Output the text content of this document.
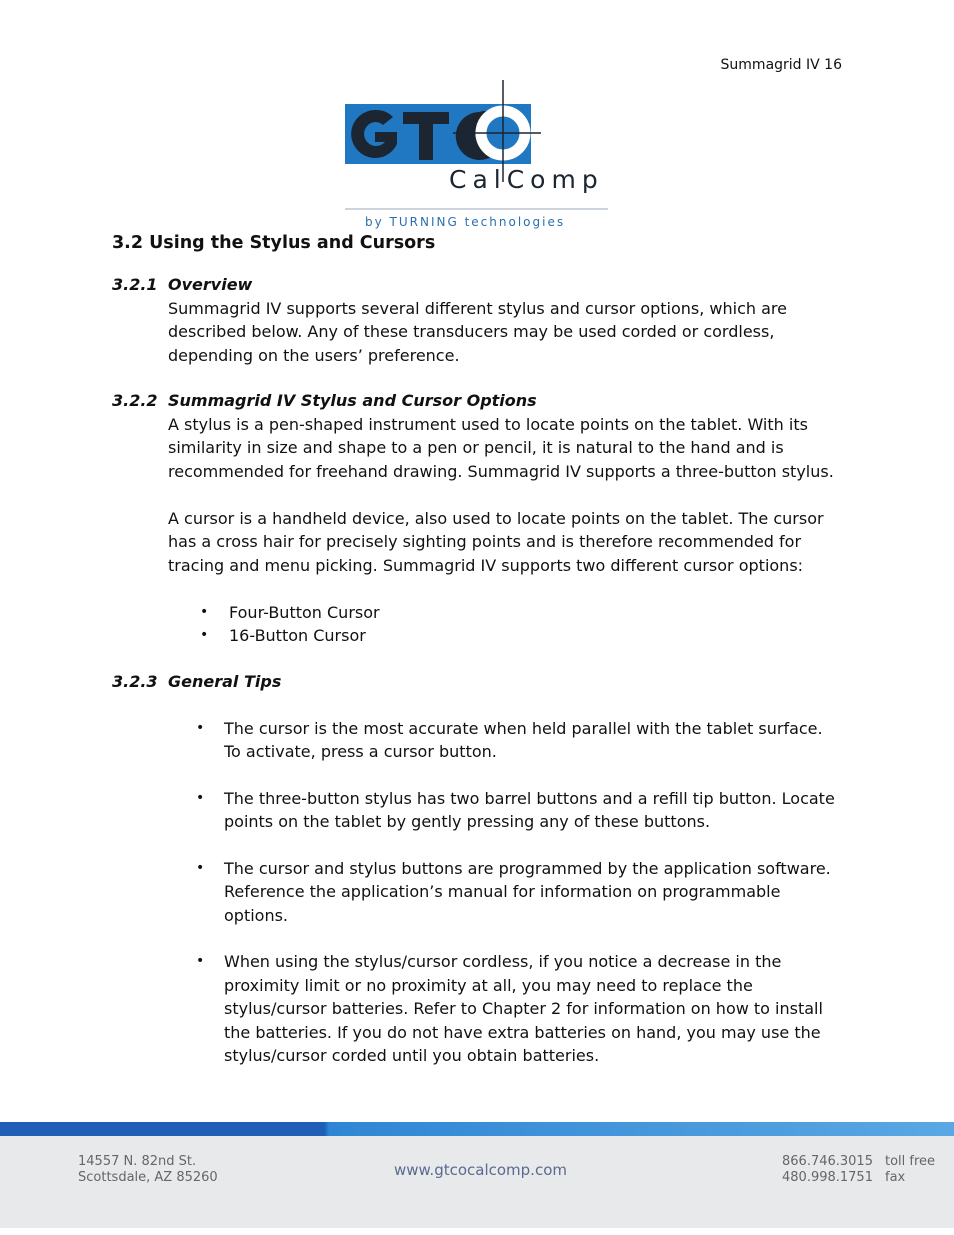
Summagrid IV 16
CalComp
by TURNING technologies
3.2 Using the Stylus and Cursors
3.2.1 Overview

Summagrid IV supports several different stylus and cursor options, which are described below. Any of these transducers may be used corded or cordless, depending on the users’ preference.

3.2.2 Summagrid IV Stylus and Cursor Options

A stylus is a pen-shaped instrument used to locate points on the tablet. With its similarity in size and shape to a pen or pencil, it is natural to the hand and is recommended for freehand drawing. Summagrid IV supports a three-button stylus.

A cursor is a handheld device, also used to locate points on the tablet. The cursor has a cross hair for precisely sighting points and is therefore recommended for tracing and menu picking. Summagrid IV supports two different cursor options:

• Four-Button Cursor
• 16-Button Cursor
3.2.3 General Tips
• The cursor is the most accurate when held parallel with the tablet surface. To activate, press a cursor button.
• The three-button stylus has two barrel buttons and a refill tip button. Locate points on the tablet by gently pressing any of these buttons.
• The cursor and stylus buttons are programmed by the application software. Reference the application’s manual for information on programmable options.
• When using the stylus/cursor cordless, if you notice a decrease in the proximity limit or no proximity at all, you may need to replace the stylus/cursor batteries. Refer to Chapter 2 for information on how to install the batteries. If you do not have extra batteries on hand, you may use the stylus/cursor corded until you obtain batteries.
14557 N. 82nd St.
Scottsdale, AZ 85260	www.gtcocalcomp.com	866.746.3015
480.998.1751
toll free
fax
